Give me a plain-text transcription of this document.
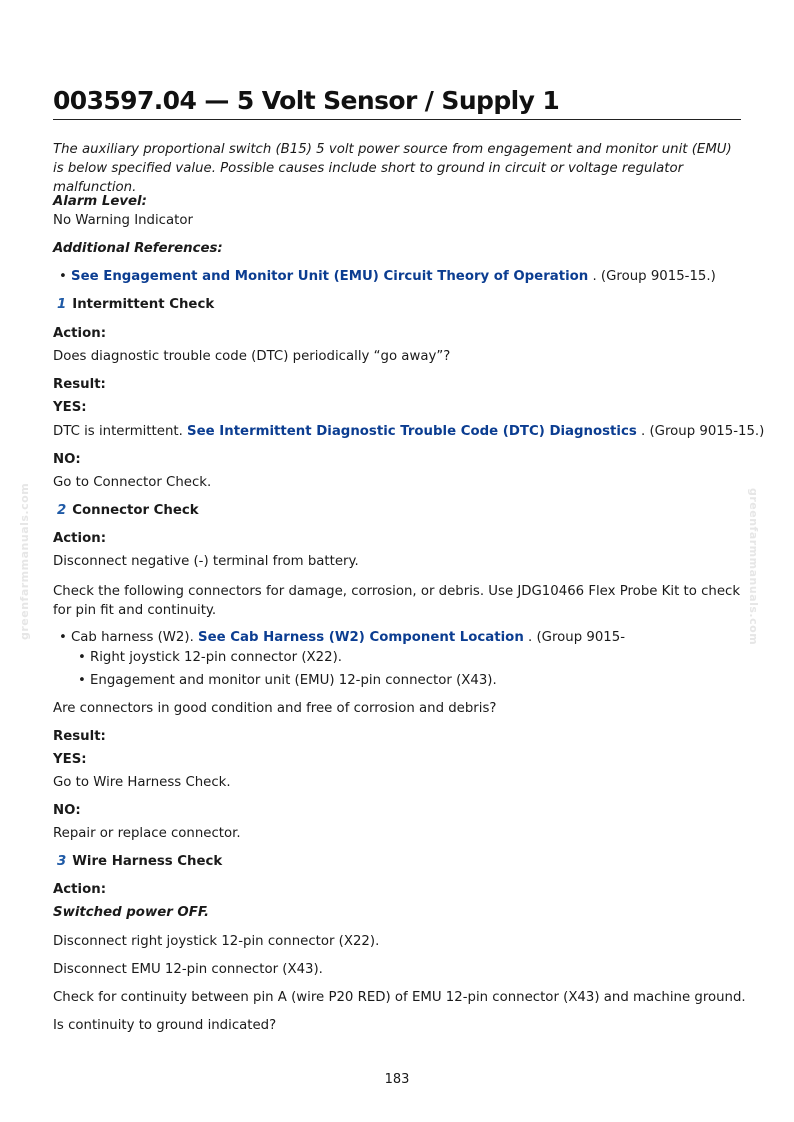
greenfarmmanuals.com	greenfarmmanuals.com
003597.04 — 5 Volt Sensor / Supply 1
The auxiliary proportional switch (B15) 5 volt power source from engagement and monitor unit (EMU) is below specified value. Possible causes include short to ground in circuit or voltage regulator malfunction.
Alarm Level:
No Warning Indicator
Additional References:
• See Engagement and Monitor Unit (EMU) Circuit Theory of Operation . (Group 9015-15.)
1 Intermittent Check
Action:
Does diagnostic trouble code (DTC) periodically “go away”?
Result:
YES:
DTC is intermittent. See Intermittent Diagnostic Trouble Code (DTC) Diagnostics . (Group 9015-15.)
NO:
Go to Connector Check.
2 Connector Check
Action:
Disconnect negative (-) terminal from battery.
Check the following connectors for damage, corrosion, or debris. Use JDG10466 Flex Probe Kit to check for pin fit and continuity.
• Cab harness (W2). See Cab Harness (W2) Component Location . (Group 9015-
• Right joystick 12-pin connector (X22).
• Engagement and monitor unit (EMU) 12-pin connector (X43).
Are connectors in good condition and free of corrosion and debris?
Result:
YES:
Go to Wire Harness Check.
NO:
Repair or replace connector.
3 Wire Harness Check
Action:
Switched power OFF.
Disconnect right joystick 12-pin connector (X22).
Disconnect EMU 12-pin connector (X43).
Check for continuity between pin A (wire P20 RED) of EMU 12-pin connector (X43) and machine ground.
Is continuity to ground indicated?
183
